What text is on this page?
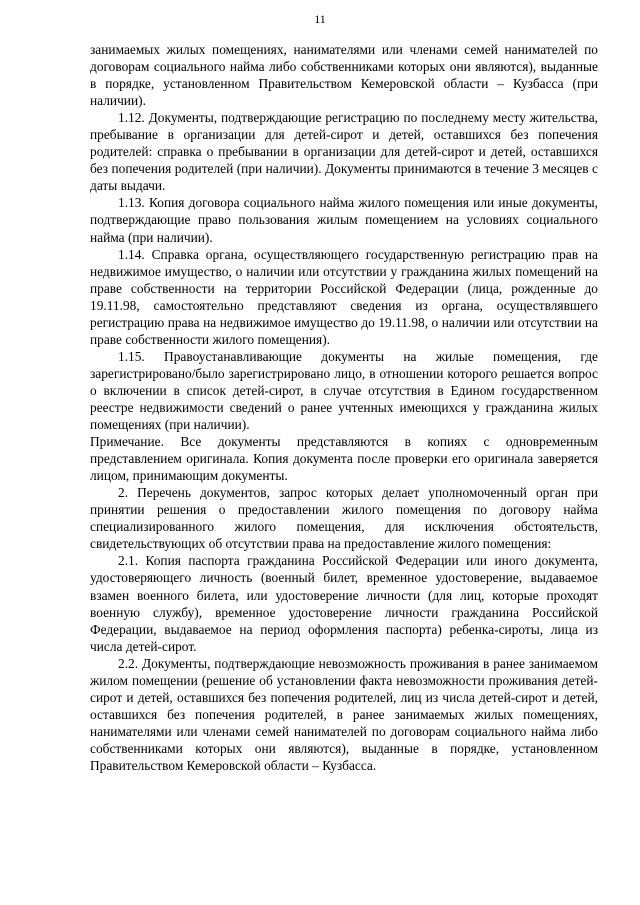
11

занимаемых жилых помещениях, нанимателями или членами семей нанимателей по договорам социального найма либо собственниками которых они являются), выданные в порядке, установленном Правительством Кемеровской области – Кузбасса (при наличии).

1.12. Документы, подтверждающие регистрацию по последнему месту жительства, пребывание в организации для детей-сирот и детей, оставшихся без попечения родителей: справка о пребывании в организации для детей-сирот и детей, оставшихся без попечения родителей (при наличии). Документы принимаются в течение 3 месяцев с даты выдачи.

1.13. Копия договора социального найма жилого помещения или иные документы, подтверждающие право пользования жилым помещением на условиях социального найма (при наличии).

1.14. Справка органа, осуществляющего государственную регистрацию прав на недвижимое имущество, о наличии или отсутствии у гражданина жилых помещений на праве собственности на территории Российской Федерации (лица, рожденные до 19.11.98, самостоятельно представляют сведения из органа, осуществлявшего регистрацию права на недвижимое имущество до 19.11.98, о наличии или отсутствии на праве собственности жилого помещения).

1.15. Правоустанавливающие документы на жилые помещения, где зарегистрировано/было зарегистрировано лицо, в отношении которого решается вопрос о включении в список детей-сирот, в случае отсутствия в Едином государственном реестре недвижимости сведений о ранее учтенных имеющихся у гражданина жилых помещениях (при наличии).

Примечание. Все документы представляются в копиях с одновременным представлением оригинала. Копия документа после проверки его оригинала заверяется лицом, принимающим документы.

2. Перечень документов, запрос которых делает уполномоченный орган при принятии решения о предоставлении жилого помещения по договору найма специализированного жилого помещения, для исключения обстоятельств, свидетельствующих об отсутствии права на предоставление жилого помещения:

2.1. Копия паспорта гражданина Российской Федерации или иного документа, удостоверяющего личность (военный билет, временное удостоверение, выдаваемое взамен военного билета, или удостоверение личности (для лиц, которые проходят военную службу), временное удостоверение личности гражданина Российской Федерации, выдаваемое на период оформления паспорта) ребенка-сироты, лица из числа детей-сирот.

2.2. Документы, подтверждающие невозможность проживания в ранее занимаемом жилом помещении (решение об установлении факта невозможности проживания детей-сирот и детей, оставшихся без попечения родителей, лиц из числа детей-сирот и детей, оставшихся без попечения родителей, в ранее занимаемых жилых помещениях, нанимателями или членами семей нанимателей по договорам социального найма либо собственниками которых они являются), выданные в порядке, установленном Правительством Кемеровской области – Кузбасса.
